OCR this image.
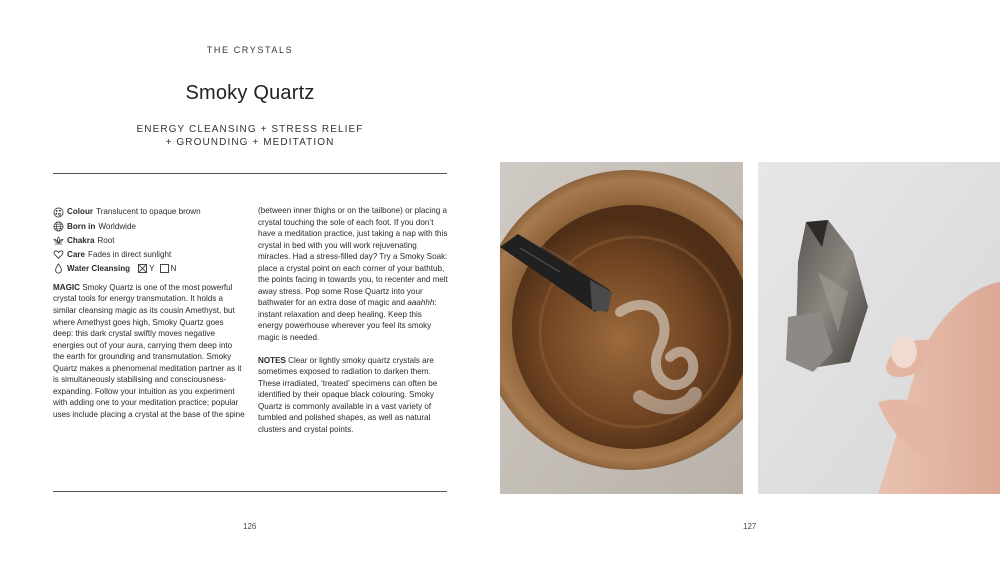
THE CRYSTALS
Smoky Quartz
ENERGY CLEANSING + STRESS RELIEF
+ GROUNDING + MEDITATION
Colour Translucent to opaque brown
Born in Worldwide
Chakra Root
Care Fades in direct sunlight
Water Cleansing Y N

MAGIC Smoky Quartz is one of the most powerful crystal tools for energy transmutation. It holds a similar cleansing magic as its cousin Amethyst, but where Amethyst goes high, Smoky Quartz goes deep: this dark crystal swiftly moves negative energies out of your aura, carrying them deep into the earth for grounding and transmutation. Smoky Quartz makes a phenomenal meditation partner as it is simultaneously stabilising and consciousness-expanding. Follow your intuition as you experiment with adding one to your meditation practice; popular uses include placing a crystal at the base of the spine

(between inner thighs or on the tailbone) or placing a crystal touching the sole of each foot. If you don’t have a meditation practice, just taking a nap with this crystal in bed with you will work rejuvenating miracles. Had a stress-filled day? Try a Smoky Soak: place a crystal point on each corner of your bathtub, the points facing in towards you, to recenter and melt away stress. Pop some Rose Quartz into your bathwater for an extra dose of magic and aaahhh: instant relaxation and deep healing. Keep this energy powerhouse wherever you feel its smoky magic is needed.

NOTES Clear or lightly smoky quartz crystals are sometimes exposed to radiation to darken them. These irradiated, ‘treated’ specimens can often be identified by their opaque black colouring. Smoky Quartz is commonly available in a vast variety of tumbled and polished shapes, as well as natural clusters and crystal points.

126	127
